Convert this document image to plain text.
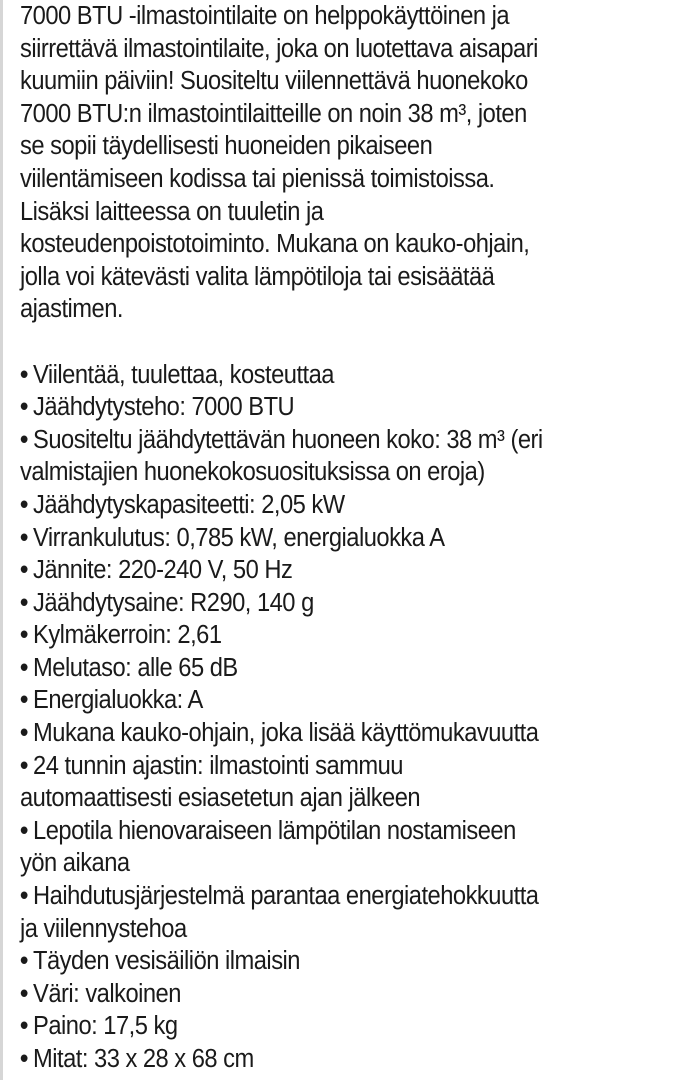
7000 BTU -ilmastointilaite on helppokäyttöinen ja
siirrettävä ilmastointilaite, joka on luotettava aisapari
kuumiin päiviin! Suositeltu viilennettävä huonekoko
7000 BTU:n ilmastointilaitteille on noin 38 m³, joten
se sopii täydellisesti huoneiden pikaiseen
viilentämiseen kodissa tai pienissä toimistoissa.
Lisäksi laitteessa on tuuletin ja
kosteudenpoistotoiminto. Mukana on kauko-ohjain,
jolla voi kätevästi valita lämpötiloja tai esisäätää
ajastimen.
• Viilentää, tuulettaa, kosteuttaa
• Jäähdytysteho: 7000 BTU
• Suositeltu jäähdytettävän huoneen koko: 38 m³ (eri
valmistajien huonekokosuosituksissa on eroja)
• Jäähdytyskapasiteetti: 2,05 kW
• Virrankulutus: 0,785 kW, energialuokka A
• Jännite: 220-240 V, 50 Hz
• Jäähdytysaine: R290, 140 g
• Kylmäkerroin: 2,61
• Melutaso: alle 65 dB
• Energialuokka: A
• Mukana kauko-ohjain, joka lisää käyttömukavuutta
• 24 tunnin ajastin: ilmastointi sammuu
automaattisesti esiasetetun ajan jälkeen
• Lepotila hienovaraiseen lämpötilan nostamiseen
yön aikana
• Haihdutusjärjestelmä parantaa energiatehokkuutta
ja viilennystehoa
• Täyden vesisäiliön ilmaisin
• Väri: valkoinen
• Paino: 17,5 kg
• Mitat: 33 x 28 x 68 cm
